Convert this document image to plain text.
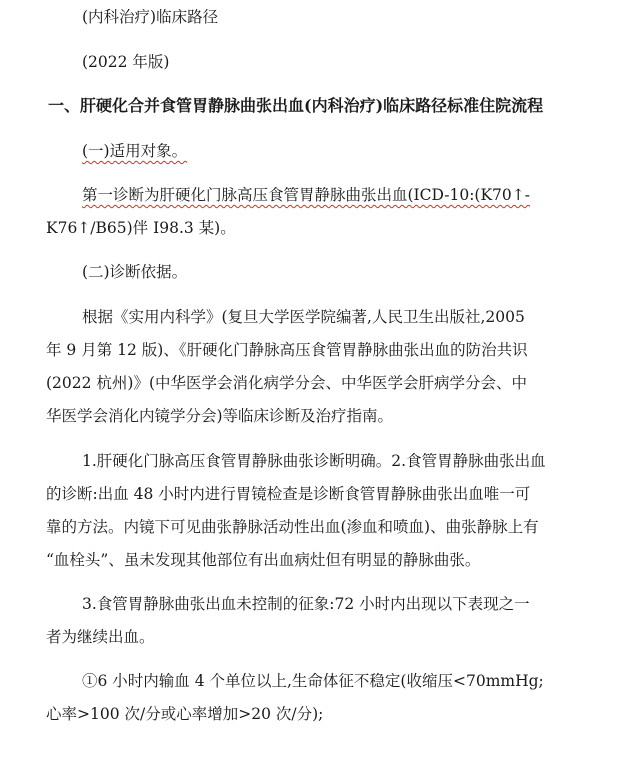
(内科治疗)临床路径
(2022 年版)
一、肝硬化合并食管胃静脉曲张出血(内科治疗)临床路径标准住院流程
(一)适用对象。
第一诊断为肝硬化门脉高压食管胃静脉曲张出血(ICD-10:(K70↑-
K76↑/B65)伴 I98.3 某)。
(二)诊断依据。
根据《实用内科学》(复旦大学医学院编著,人民卫生出版社,2005
年 9 月第 12 版)、《肝硬化门静脉高压食管胃静脉曲张出血的防治共识
(2022 杭州)》(中华医学会消化病学分会、中华医学会肝病学分会、中
华医学会消化内镜学分会)等临床诊断及治疗指南。
1.肝硬化门脉高压食管胃静脉曲张诊断明确。2.食管胃静脉曲张出血
的诊断:出血 48 小时内进行胃镜检查是诊断食管胃静脉曲张出血唯一可
靠的方法。内镜下可见曲张静脉活动性出血(渗血和喷血)、曲张静脉上有
“血栓头”、虽未发现其他部位有出血病灶但有明显的静脉曲张。
3.食管胃静脉曲张出血未控制的征象:72 小时内出现以下表现之一
者为继续出血。
①6 小时内输血 4 个单位以上,生命体征不稳定(收缩压<70mmHg;
心率>100 次/分或心率增加>20 次/分);
